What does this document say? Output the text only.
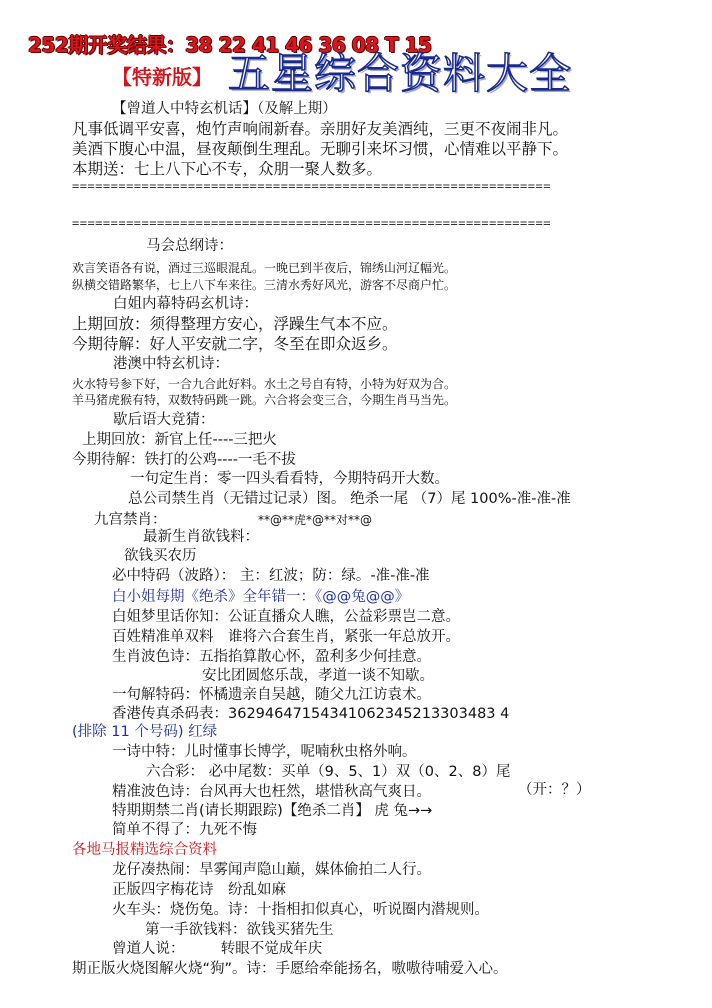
252期开奖结果：38 22 41 46 36 08 T 15
【特新版】 五星综合资料大全
【曾道人中特玄机话】（及解上期）
凡事低调平安喜，炮竹声响闹新春。亲朋好友美酒纯，三更不夜闹非凡。
美酒下腹心中温，昼夜颠倒生理乱。无聊引来坏习惯，心情难以平静下。
本期送：七上八下心不专，众朋一聚人数多。
==============================================================
==============================================================
马会总纲诗：
欢言笑语各有说，酒过三巡眼混乱。一晚已到半夜后，锦绣山河辽幅光。
纵横交错路繁华，七上八下车来往。三清水秀好风光，游客不尽商户忙。
白姐内幕特码玄机诗：
上期回放：须得整理方安心，浮躁生气本不应。
今期待解：好人平安就二字，冬至在即众返乡。
港澳中特玄机诗：
火水特号参下好，一合九合此好料。水土之号自有特，小特为好双为合。
羊马猪虎猴有特，双数特码跳一跳。六合将会变三合，今期生肖马当先。
歇后语大竞猜：
上期回放：新官上任----三把火
今期待解：铁打的公鸡----一毛不拔
一句定生肖：零一四头看看特，今期特码开大数。
总公司禁生肖（无错过记录）图。 绝杀一尾 （7）尾 100%-准-准-准
九宫禁肖：	**@**虎*@**对**@
最新生肖欲钱料：
欲钱买农历
必中特码（波路）： 主：红波；防：绿。-准-准-准
白小姐每期《绝杀》全年错一：《@@兔@@》
白姐梦里话你知：公证直播众人瞧，公益彩票岂二意。
百姓精准单双料　谁将六合套生肖，紧张一年总放开。
生肖波色诗：五指掐算散心怀，盈利多少何挂意。
安比团圆悠乐哉，孝道一谈不知歇。
一句解特码：怀橘遗亲自吴越，随父九江访袁术。
香港传真杀码表：36294647154341062345213303483 4
(排除 11 个号码) 红绿
一诗中特：儿时懂事长博学，呢喃秋虫格外响。
六合彩： 必中尾数：买单（9、5、1）双（0、2、8）尾
精准波色诗：台风再大也枉然，堪惜秋高气爽日。	（开：？）
特期期禁二肖(请长期跟踪)【绝杀二肖】 虎 兔→→
简单不得了：九死不悔
各地马报精选综合资料
龙仔凑热闹：旱雾闻声隐山巅，媒体偷拍二人行。
正版四字梅花诗　纷乱如麻
火车头：烧伤兔。诗：十指相扣似真心，听说圈内潜规则。
第一手欲钱料：欲钱买猪先生
曾道人说：　　　转眼不觉成年庆
期正版火烧图解火烧“狗”。诗：手愿给牵能扬名，嗷嗷待哺爱入心。
